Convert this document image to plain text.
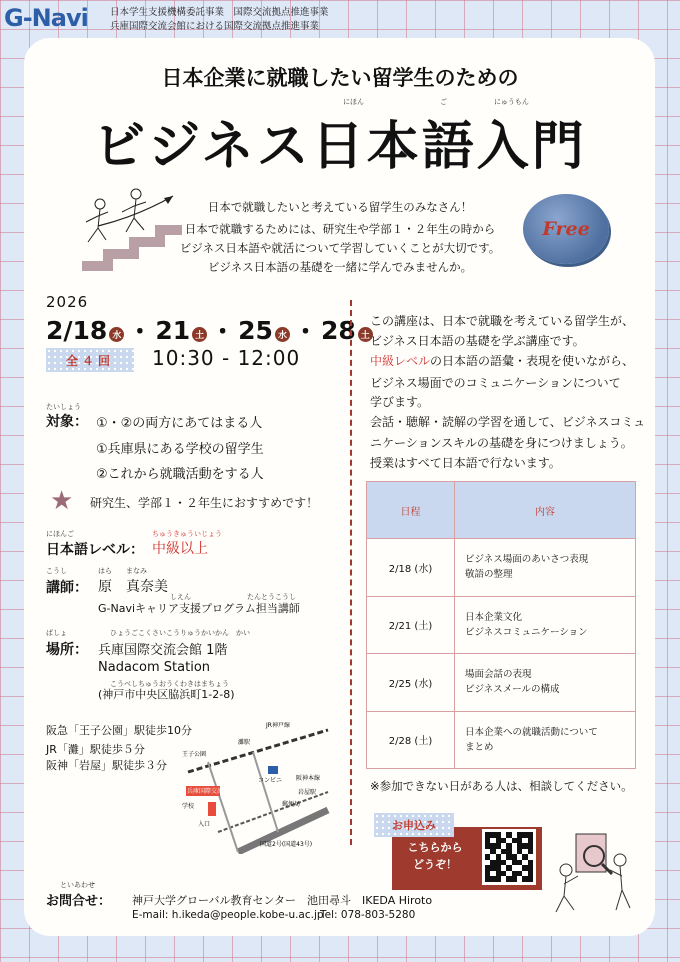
G-Navi 日本学生支援機構委託事業　国際交流拠点推進事業
兵庫国際交流会館における国際交流拠点推進事業
日本企業に就職したい留学生のための
にほん	ご	にゅうもん
ビジネス日本語入門
日本で就職したいと考えている留学生のみなさん！
日本で就職するためには、研究生や学部１・２年生の時から
ビジネス日本語や就活について学習していくことが大切です。
ビジネス日本語の基礎を一緒に学んでみませんか。
Free
2026
2/18 水 ・ 21 土 ・ 25 水 ・ 28 土
全４回	10:30 - 12:00
たいしょう
対象： ①・②の両方にあてはまる人
①兵庫県にある学校の留学生
②これから就職活動をする人
★ 研究生、学部１・２年生におすすめです！
にほんご	ちゅうきゅういじょう
日本語レベル： 中級以上
こうし	はら　　まなみ
講師： 原　真奈美
しえん　　　　　　　　たんとうこうし
G-Naviキャリア支援プログラム担当講師
ばしょ	ひょうごこくさいこうりゅうかいかん　かい
場所： 兵庫国際交流会館 1階
Nadacom Station
こうべしちゅうおうくわきはまちょう
(神戸市中央区脇浜町1-2-8)
阪急「王子公園」駅徒歩10分
JR「灘」駅徒歩５分
阪神「岩屋」駅徒歩３分
JR神戸線
灘駅
王子公園
阪神本線
岩屋駅
国道2号(国道43号)
兵庫国際交流会館
入口
学校
コンビニ
郵便局
この講座は、日本で就職を考えている留学生が、
ビジネス日本語の基礎を学ぶ講座です。
中級レベルの日本語の語彙・表現を使いながら、
ビジネス場面でのコミュニケーションについて
学びます。
会話・聴解・読解の学習を通して、ビジネスコミュ
ニケーションスキルの基礎を身につけましょう。
授業はすべて日本語で行ないます。
日程	内容
2/18 (水)	ビジネス場面のあいさつ表現
敬語の整理

2/21 (土)	日本企業文化
ビジネスコミュニケーション

2/25 (水)	場面会話の表現
ビジネスメールの構成

2/28 (土)	日本企業への就職活動について
まとめ
※参加できない日がある人は、相談してください。
お申込み
こちらから
どうぞ！
といあわせ
お問合せ： 神戸大学グローバル教育センター　池田尋斗　IKEDA Hiroto
E-mail: h.ikeda@people.kobe-u.ac.jp
Tel: 078-803-5280
